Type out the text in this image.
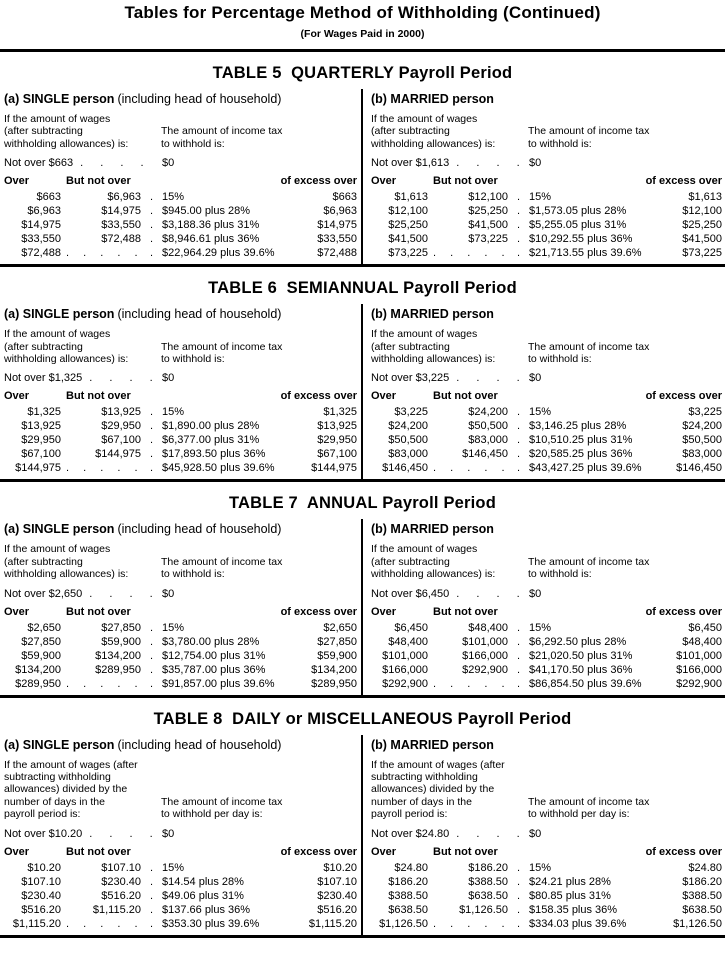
Tables for Percentage Method of Withholding (Continued)
(For Wages Paid in 2000)
TABLE 5  QUARTERLY Payroll Period
(a) SINGLE person (including head of household)
If the amount of wages
(after subtracting
withholding allowances) is:
The amount of income tax
to withhold is:
Not over $663 . . . . $0
Over	But not over	of excess over
$663	$6,963 . 15%	$663
$6,963	$14,975 . $945.00 plus 28%	$6,963
$14,975	$33,550 . $3,188.36 plus 31%	$14,975
$33,550	$72,488 . $8,946.61 plus 36%	$33,550
$72,488 . . . . . . $22,964.29 plus 39.6%	$72,488
(b) MARRIED person
If the amount of wages
(after subtracting
withholding allowances) is:
The amount of income tax
to withhold is:
Not over $1,613 . . . . $0
Over	But not over	of excess over
$1,613	$12,100 . 15%	$1,613
$12,100	$25,250 . $1,573.05 plus 28%	$12,100
$25,250	$41,500 . $5,255.05 plus 31%	$25,250
$41,500	$73,225 . $10,292.55 plus 36%	$41,500
$73,225 . . . . . . $21,713.55 plus 39.6%	$73,225
TABLE 6  SEMIANNUAL Payroll Period
(a) SINGLE person (including head of household)
If the amount of wages
(after subtracting
withholding allowances) is:
The amount of income tax
to withhold is:
Not over $1,325 . . . . $0
Over	But not over	of excess over
$1,325	$13,925 . 15%	$1,325
$13,925	$29,950 . $1,890.00 plus 28%	$13,925
$29,950	$67,100 . $6,377.00 plus 31%	$29,950
$67,100	$144,975 . $17,893.50 plus 36%	$67,100
$144,975 . . . . . . $45,928.50 plus 39.6%	$144,975
(b) MARRIED person
If the amount of wages
(after subtracting
withholding allowances) is:
The amount of income tax
to withhold is:
Not over $3,225 . . . . $0
Over	But not over	of excess over
$3,225	$24,200 . 15%	$3,225
$24,200	$50,500 . $3,146.25 plus 28%	$24,200
$50,500	$83,000 . $10,510.25 plus 31%	$50,500
$83,000	$146,450 . $20,585.25 plus 36%	$83,000
$146,450 . . . . . . $43,427.25 plus 39.6%	$146,450
TABLE 7  ANNUAL Payroll Period
(a) SINGLE person (including head of household)
If the amount of wages
(after subtracting
withholding allowances) is:
The amount of income tax
to withhold is:
Not over $2,650 . . . . $0
Over	But not over	of excess over
$2,650	$27,850 . 15%	$2,650
$27,850	$59,900 . $3,780.00 plus 28%	$27,850
$59,900	$134,200 . $12,754.00 plus 31%	$59,900
$134,200	$289,950 . $35,787.00 plus 36%	$134,200
$289,950 . . . . . . $91,857.00 plus 39.6%	$289,950
(b) MARRIED person
If the amount of wages
(after subtracting
withholding allowances) is:
The amount of income tax
to withhold is:
Not over $6,450 . . . . $0
Over	But not over	of excess over
$6,450	$48,400 . 15%	$6,450
$48,400	$101,000 . $6,292.50 plus 28%	$48,400
$101,000	$166,000 . $21,020.50 plus 31%	$101,000
$166,000	$292,900 . $41,170.50 plus 36%	$166,000
$292,900 . . . . . . $86,854.50 plus 39.6%	$292,900
TABLE 8  DAILY or MISCELLANEOUS Payroll Period
(a) SINGLE person (including head of household)
If the amount of wages (after
subtracting withholding
allowances) divided by the
number of days in the
payroll period is:
The amount of income tax
to withhold per day is:
Not over $10.20 . . . . $0
Over	But not over	of excess over
$10.20	$107.10 . 15%	$10.20
$107.10	$230.40 . $14.54 plus 28%	$107.10
$230.40	$516.20 . $49.06 plus 31%	$230.40
$516.20	$1,115.20 . $137.66 plus 36%	$516.20
$1,115.20 . . . . . . $353.30 plus 39.6%	$1,115.20
(b) MARRIED person
If the amount of wages (after
subtracting withholding
allowances) divided by the
number of days in the
payroll period is:
The amount of income tax
to withhold per day is:
Not over $24.80 . . . . $0
Over	But not over	of excess over
$24.80	$186.20 . 15%	$24.80
$186.20	$388.50 . $24.21 plus 28%	$186.20
$388.50	$638.50 . $80.85 plus 31%	$388.50
$638.50	$1,126.50 . $158.35 plus 36%	$638.50
$1,126.50 . . . . . . $334.03 plus 39.6%	$1,126.50
